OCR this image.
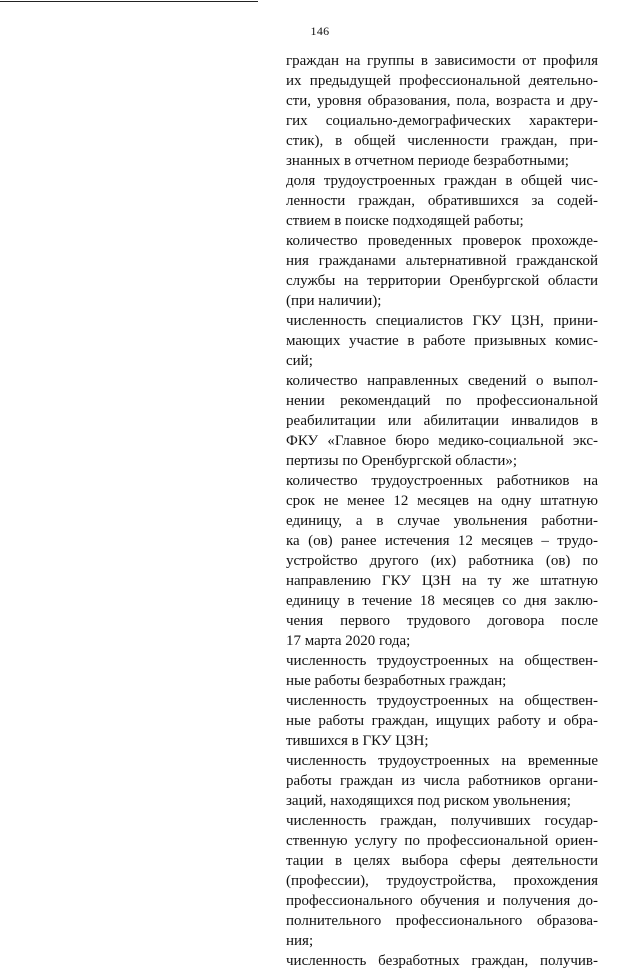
146
граждан на группы в зависимости от профиля
их предыдущей профессиональной деятельно-
сти, уровня образования, пола, возраста и дру-
гих социально-демографических характери-
стик), в общей численности граждан, при-
знанных в отчетном периоде безработными;
доля трудоустроенных граждан в общей чис-
ленности граждан, обратившихся за содей-
ствием в поиске подходящей работы;
количество проведенных проверок прохожде-
ния гражданами альтернативной гражданской
службы на территории Оренбургской области
(при наличии);
численность специалистов ГКУ ЦЗН, прини-
мающих участие в работе призывных комис-
сий;
количество направленных сведений о выпол-
нении рекомендаций по профессиональной
реабилитации или абилитации инвалидов в
ФКУ «Главное бюро медико-социальной экс-
пертизы по Оренбургской области»;
количество трудоустроенных работников на
срок не менее 12 месяцев на одну штатную
единицу, а в случае увольнения работни-
ка (ов) ранее истечения 12 месяцев – трудо-
устройство другого (их) работника (ов) по
направлению ГКУ ЦЗН на ту же штатную
единицу в течение 18 месяцев со дня заклю-
чения первого трудового договора после
17 марта 2020 года;
численность трудоустроенных на обществен-
ные работы безработных граждан;
численность трудоустроенных на обществен-
ные работы граждан, ищущих работу и обра-
тившихся в ГКУ ЦЗН;
численность трудоустроенных на временные
работы граждан из числа работников органи-
заций, находящихся под риском увольнения;
численность граждан, получивших государ-
ственную услугу по профессиональной ориен-
тации в целях выбора сферы деятельности
(профессии), трудоустройства, прохождения
профессионального обучения и получения до-
полнительного профессионального образова-
ния;
численность безработных граждан, получив-
